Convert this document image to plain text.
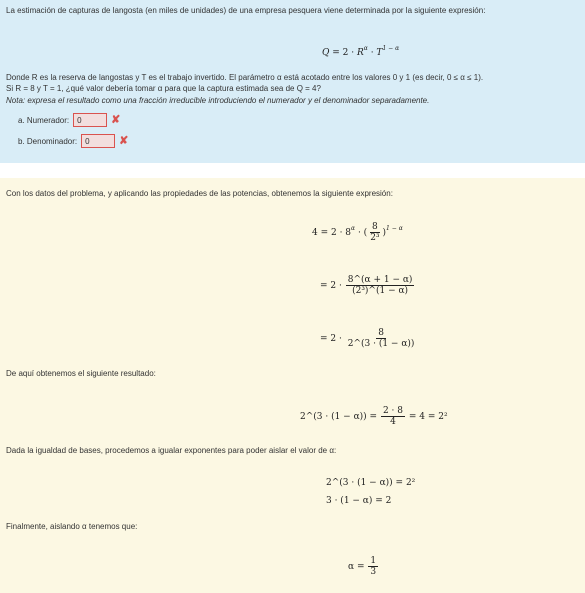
La estimación de capturas de langosta (en miles de unidades) de una empresa pesquera viene determinada por la siguiente expresión:
$Q = 2 \cdot R^\alpha \cdot T^{1 - \alpha}$
Donde R es la reserva de langostas y T es el trabajo invertido. El parámetro α está acotado entre los valores 0 y 1 (es decir, 0 ≤ α ≤ 1).
Si R = 8 y T = 1, ¿qué valor debería tomar α para que la captura estimada sea de Q = 4?
Nota: expresa el resultado como una fracción irreducible introduciendo el numerador y el denominador separadamente.
a. Numerador:
0	✘
b. Denominador:
0	✘
Con los datos del problema, y aplicando las propiedades de las potencias, obtenemos la siguiente expresión:
$4 = 2 \cdot 8^\alpha$ · ( $\frac{8}{\text{2³}} )^{1 - \alpha}$
= $2 \cdot \frac{8\^{}(\alpha + 1 - \alpha)}{\text{(2³)\textasciicircum{}(1 − α)}}$
= $2 \cdot \frac{8}{2\^{}(3 \cdot (1 - \alpha))}$
De aquí obtenemos el siguiente resultado:
2^(3 · $(1 - \alpha)) = \frac{2 \cdot 8}{4} = 4 = 2^2$
Dada la igualdad de bases, procedemos a igualar exponentes para poder aislar el valor de α:
2^(3 · (1 − α)) = 2²
3 · (1 − α) = 2
Finalmente, aislando α tenemos que:
$\alpha = \frac{1}{3}$
